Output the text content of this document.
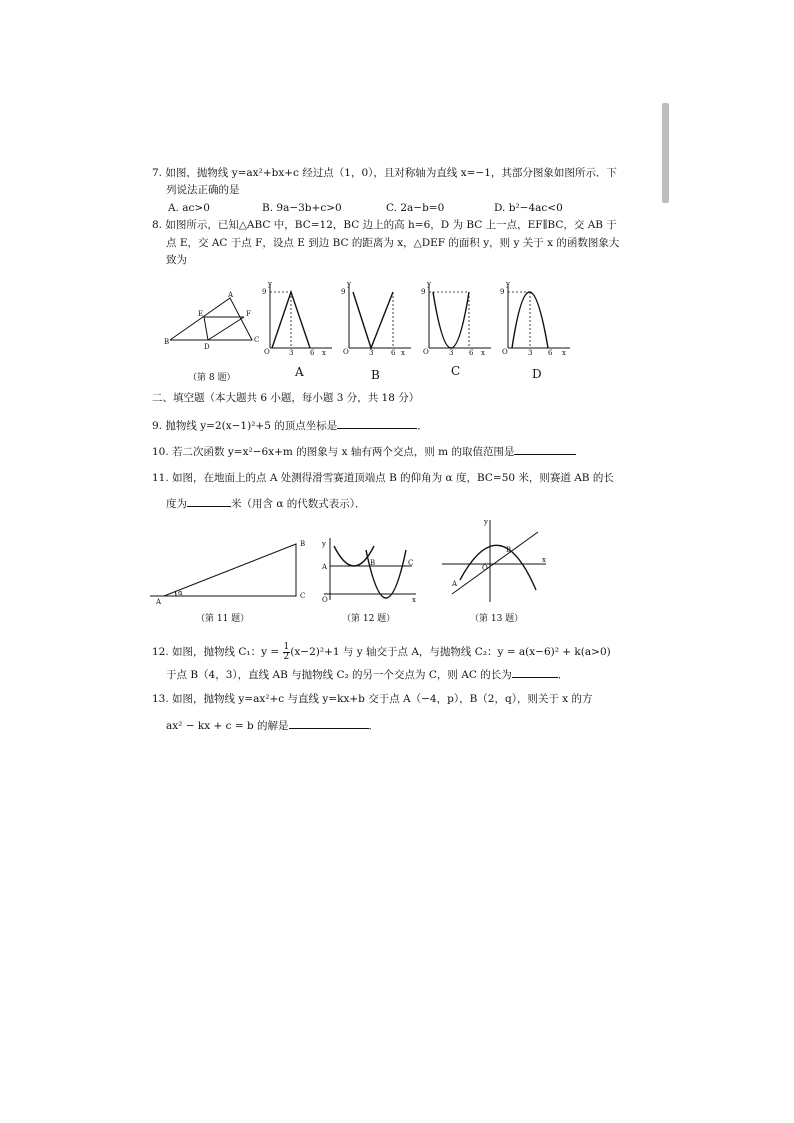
7. 如图，抛物线 y=ax²+bx+c 经过点（1，0），且对称轴为直线 x=−1，其部分图象如图所示．下
列说法正确的是
A. ac>0	B. 9a−3b+c>0	C. 2a−b=0	D. b²−4ac<0
8. 如图所示，已知△ABC 中，BC=12，BC 边上的高 h=6，D 为 BC 上一点，EF∥BC，交 AB 于
点 E，交 AC 于点 F，设点 E 到边 BC 的距离为 x，△DEF 的面积 y，则 y 关于 x 的函数图象大
致为
A
B	C
E	F
D
（第 8 题）
9
y
O	3 6 x
9
y
O	3	6 x
9
y
O	3 6 x
9
y
O	3 6 x
A	B	C	D
二、填空题（本大题共 6 小题，每小题 3 分，共 18 分）
9. 抛物线 y=2(x−1)²+5 的顶点坐标是	．
10. 若二次函数 y=x²−6x+m 的图象与 x 轴有两个交点，则 m 的取值范围是
11. 如图，在地面上的点 A 处测得滑雪赛道顶端点 B 的仰角为 α 度，BC=50 米，则赛道 AB 的长
度为	米（用含 α 的代数式表示）．
A
B
C
α
（第 11 题）
y
A	B	C
O	x
（第 12 题）
y
x
O
B
A
（第 13 题）
12. 如图，抛物线 C₁：$y = \frac{1}{2} (x-2)^2+1$ 与 y 轴交于点 A，与抛物线 C₂：y = a(x−6)² + k(a>0)
于点 B（4，3），直线 AB 与抛物线 C₂ 的另一个交点为 C，则 AC 的长为	．
13. 如图，抛物线 y=ax²+c 与直线 y=kx+b 交于点 A（−4，p），B（2，q），则关于 x 的方
ax² − kx + c = b 的解是	．
